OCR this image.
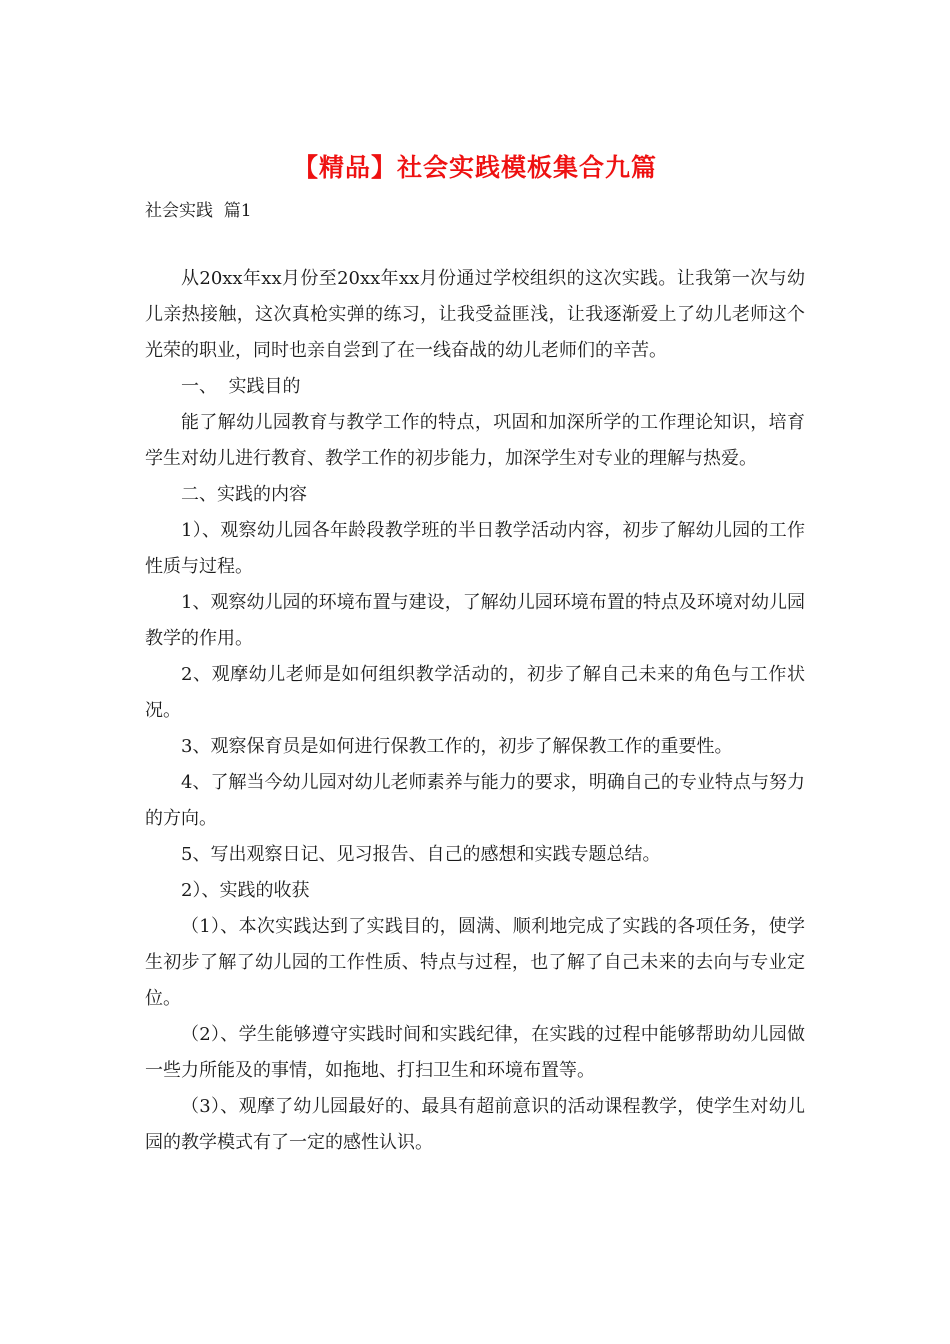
【精品】社会实践模板集合九篇
社会实践  篇1

从20xx年xx月份至20xx年xx月份通过学校组织的这次实践。让我第一次与幼儿亲热接触，这次真枪实弹的练习，让我受益匪浅，让我逐渐爱上了幼儿老师这个光荣的职业，同时也亲自尝到了在一线奋战的幼儿老师们的辛苦。

一、  实践目的

能了解幼儿园教育与教学工作的特点，巩固和加深所学的工作理论知识，培育学生对幼儿进行教育、教学工作的初步能力，加深学生对专业的理解与热爱。

二、实践的内容

1）、观察幼儿园各年龄段教学班的半日教学活动内容，初步了解幼儿园的工作性质与过程。

1、观察幼儿园的环境布置与建设，了解幼儿园环境布置的特点及环境对幼儿园教学的作用。

2、观摩幼儿老师是如何组织教学活动的，初步了解自己未来的角色与工作状况。

3、观察保育员是如何进行保教工作的，初步了解保教工作的重要性。

4、了解当今幼儿园对幼儿老师素养与能力的要求，明确自己的专业特点与努力的方向。

5、写出观察日记、见习报告、自己的感想和实践专题总结。

2）、实践的收获

（1）、本次实践达到了实践目的，圆满、顺利地完成了实践的各项任务，使学生初步了解了幼儿园的工作性质、特点与过程，也了解了自己未来的去向与专业定位。

（2）、学生能够遵守实践时间和实践纪律，在实践的过程中能够帮助幼儿园做一些力所能及的事情，如拖地、打扫卫生和环境布置等。

（3）、观摩了幼儿园最好的、最具有超前意识的活动课程教学，使学生对幼儿园的教学模式有了一定的感性认识。
